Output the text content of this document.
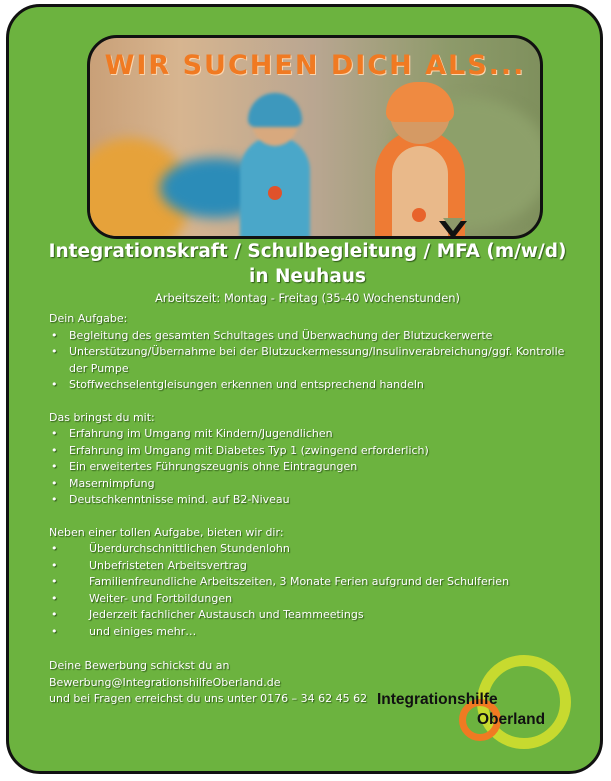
WIR SUCHEN DICH ALS...
Integrationskraft / Schulbegleitung / MFA (m/w/d)
in Neuhaus
Arbeitszeit: Montag - Freitag (35-40 Wochenstunden)
Dein Aufgabe:
• Begleitung des gesamten Schultages und Überwachung der Blutzuckerwerte
• Unterstützung/Übernahme bei der Blutzuckermessung/Insulinverabreichung/ggf. Kontrolle der Pumpe
• Stoffwechselentgleisungen erkennen und entsprechend handeln
Das bringst du mit:
• Erfahrung im Umgang mit Kindern/Jugendlichen
• Erfahrung im Umgang mit Diabetes Typ 1 (zwingend erforderlich)
• Ein erweitertes Führungszeugnis ohne Eintragungen
• Masernimpfung
• Deutschkenntnisse mind. auf B2-Niveau
Neben einer tollen Aufgabe, bieten wir dir:
• Überdurchschnittlichen Stundenlohn
• Unbefristeten Arbeitsvertrag
• Familienfreundliche Arbeitszeiten, 3 Monate Ferien aufgrund der Schulferien
• Weiter- und Fortbildungen
• Jederzeit fachlicher Austausch und Teammeetings
• und einiges mehr…
Deine Bewerbung schickst du an
Bewerbung@IntegrationshilfeOberland.de
und bei Fragen erreichst du uns unter 0176 – 34 62 45 62 Integrationshilfe
Oberland
